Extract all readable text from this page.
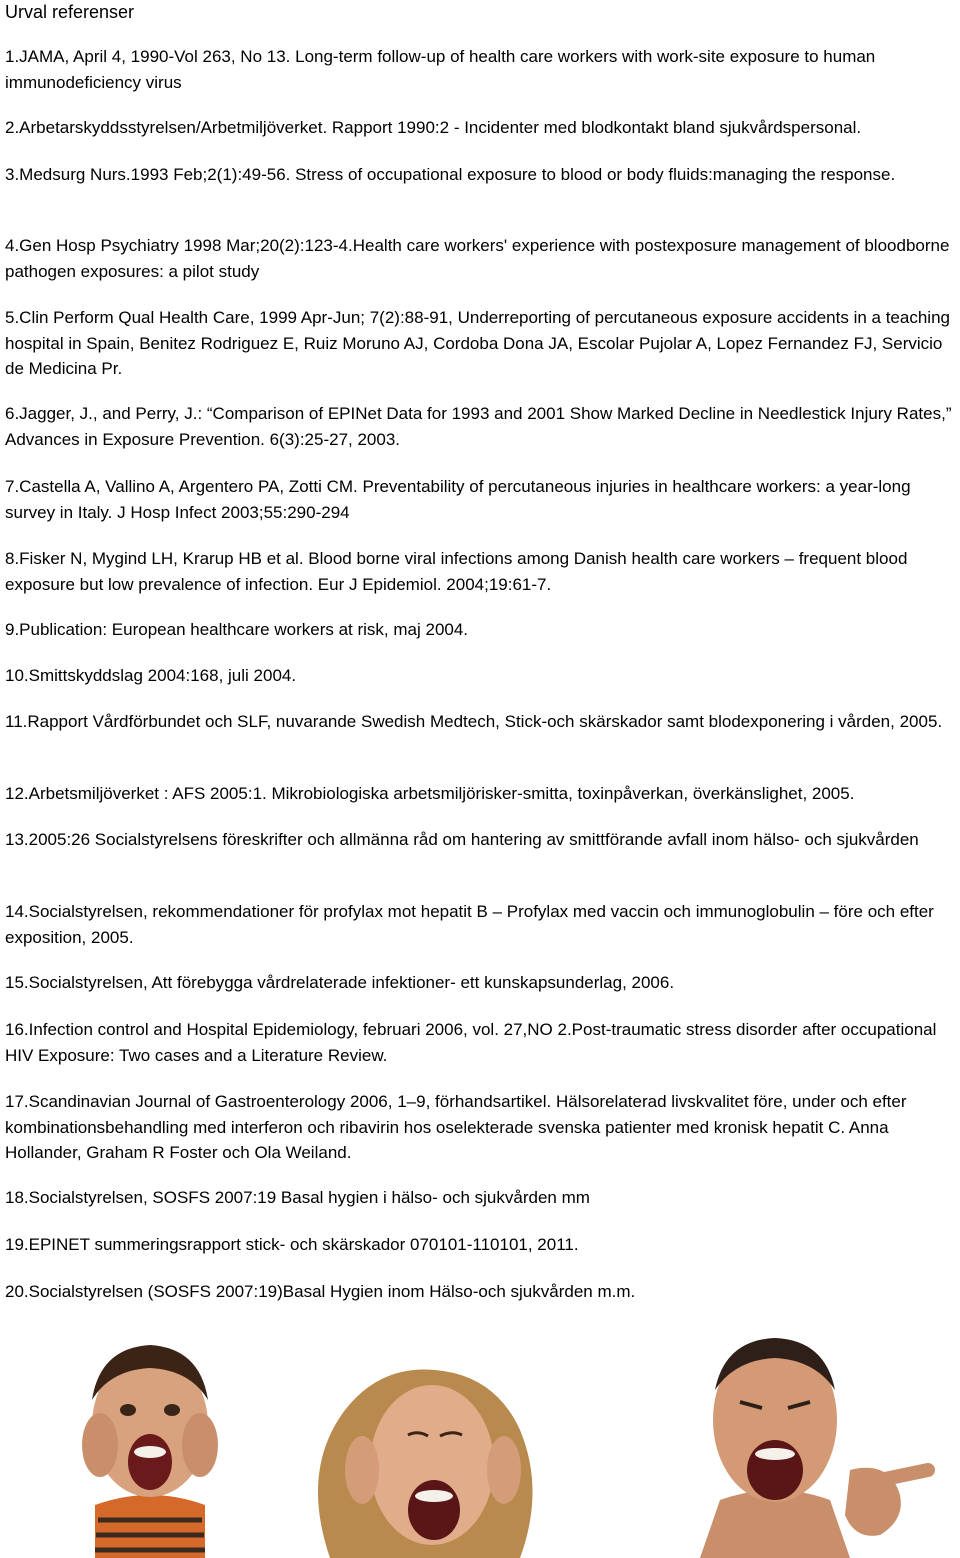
Urval referenser

1.JAMA, April 4, 1990-Vol 263, No 13. Long-term follow-up of health care workers with work-site exposure to human immunodeficiency virus

2.Arbetarskyddsstyrelsen/Arbetmiljöverket. Rapport 1990:2 - Incidenter med blodkontakt bland sjukvårdspersonal.

3.Medsurg Nurs.1993 Feb;2(1):49-56. Stress of occupational exposure to blood or body fluids:managing the response.

4.Gen Hosp Psychiatry 1998 Mar;20(2):123-4.Health care workers' experience with postexposure management of bloodborne pathogen exposures: a pilot study

5.Clin Perform Qual Health Care, 1999 Apr-Jun; 7(2):88-91, Underreporting of percutaneous exposure accidents in a teaching hospital in Spain, Benitez Rodriguez E, Ruiz Moruno AJ, Cordoba Dona JA, Escolar Pujolar A, Lopez Fernandez FJ, Servicio de Medicina Pr.

6.Jagger, J., and Perry, J.: “Comparison of EPINet Data for 1993 and 2001 Show Marked Decline in Needlestick Injury Rates,” Advances in Exposure Prevention. 6(3):25-27, 2003.

7.Castella A, Vallino A, Argentero PA, Zotti CM. Preventability of percutaneous injuries in healthcare workers: a year-long survey in Italy. J Hosp Infect 2003;55:290-294

8.Fisker N, Mygind LH, Krarup HB et al. Blood borne viral infections among Danish health care workers – frequent blood exposure but low prevalence of infection. Eur J Epidemiol. 2004;19:61-7.

9.Publication: European healthcare workers at risk, maj 2004.

10.Smittskyddslag 2004:168, juli 2004.

11.Rapport Vårdförbundet och SLF, nuvarande Swedish Medtech, Stick-och skärskador samt blodexponering i vården, 2005.

12.Arbetsmiljöverket : AFS 2005:1. Mikrobiologiska arbetsmiljörisker-smitta, toxinpåverkan, överkänslighet, 2005.

13.2005:26 Socialstyrelsens föreskrifter och allmänna råd om hantering av smittförande avfall inom hälso- och sjukvården

14.Socialstyrelsen, rekommendationer för profylax mot hepatit B – Profylax med vaccin och immunoglobulin – före och efter exposition, 2005.

15.Socialstyrelsen, Att förebygga vårdrelaterade infektioner- ett kunskapsunderlag, 2006.

16.Infection control and Hospital Epidemiology, februari 2006, vol. 27,NO 2.Post-traumatic stress disorder after occupational HIV Exposure: Two cases and a Literature Review.

17.Scandinavian Journal of Gastroenterology 2006, 1–9, förhandsartikel. Hälsorelaterad livskvalitet före, under och efter kombinationsbehandling med interferon och ribavirin hos oselekterade svenska patienter med kronisk hepatit C. Anna Hollander, Graham R Foster och Ola Weiland.

18.Socialstyrelsen, SOSFS 2007:19 Basal hygien i hälso- och sjukvården mm

19.EPINET summeringsrapport stick- och skärskador 070101-110101, 2011.

20.Socialstyrelsen (SOSFS 2007:19)Basal Hygien inom Hälso-och sjukvården m.m.
